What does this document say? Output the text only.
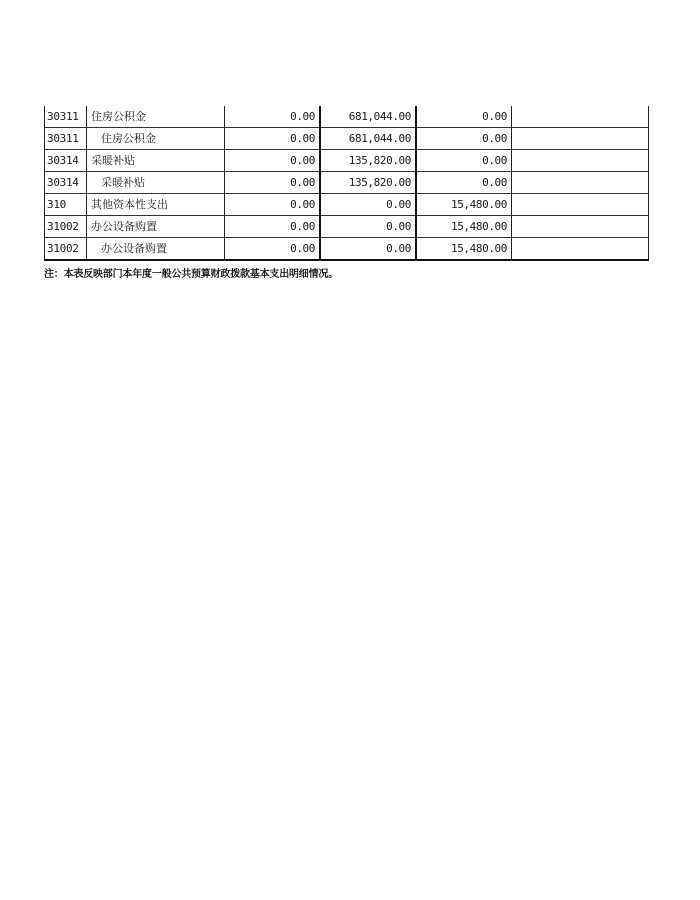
30311	住房公积金	0.00	681,044.00	0.00	
30311	住房公积金	0.00	681,044.00	0.00	
30314	采暖补贴	0.00	135,820.00	0.00	
30314	采暖补贴	0.00	135,820.00	0.00	
310	其他资本性支出	0.00	0.00	15,480.00	
31002	办公设备购置	0.00	0.00	15,480.00	
31002	办公设备购置	0.00	0.00	15,480.00	
注：本表反映部门本年度一般公共预算财政拨款基本支出明细情况。
